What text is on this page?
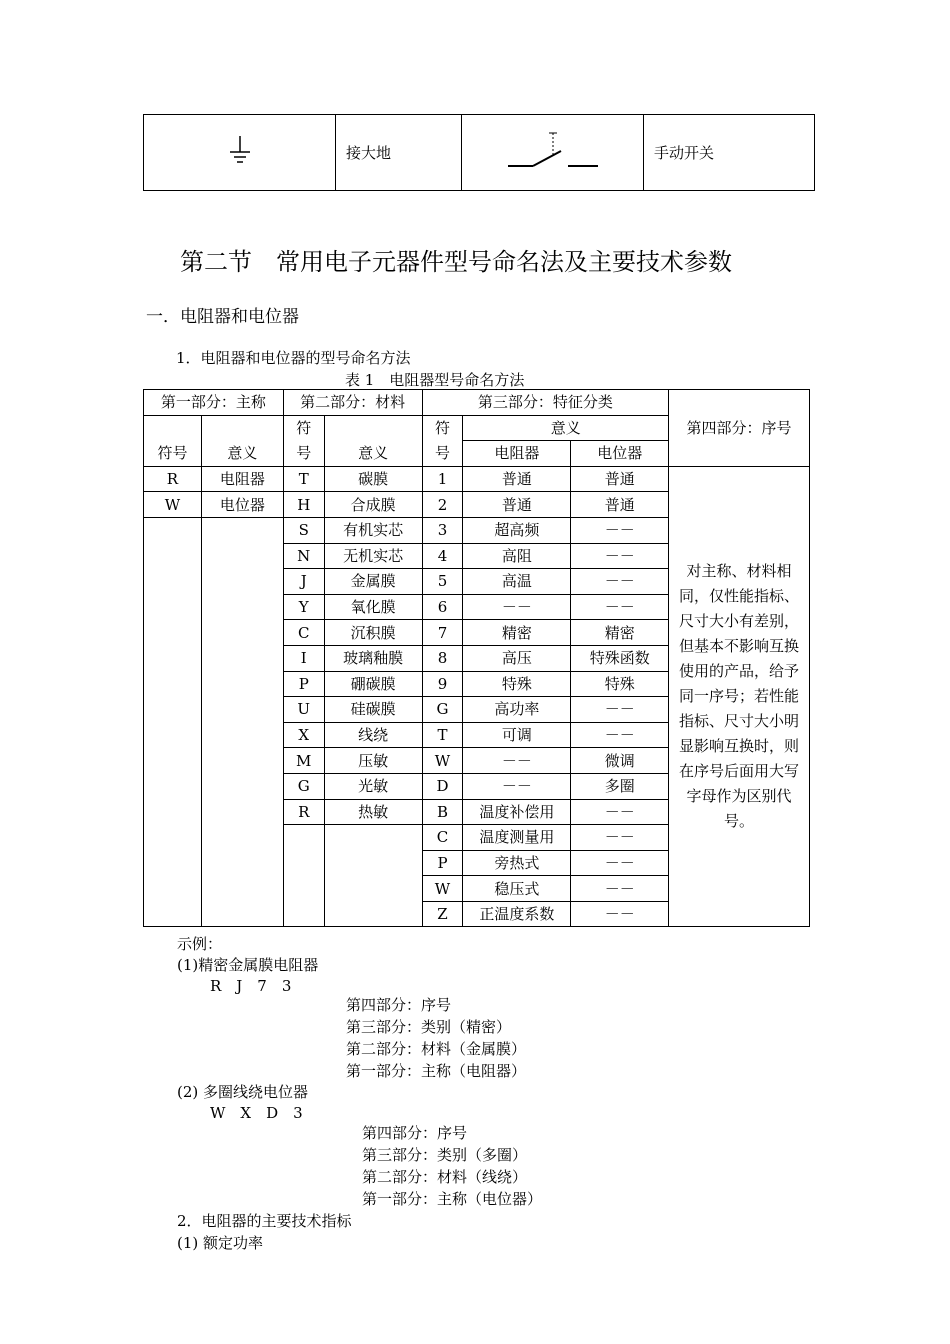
	接大地		手动开关
第二节　常用电子元器件型号命名法及主要技术参数
一．电阻器和电位器
1．电阻器和电位器的型号命名方法
表 1　电阻器型号命名方法
第一部分：主称		第二部分：材料		第三部分：特征分类			第四部分：序号
		符		符	意义		
符号	意义	号	意义	号	电阻器	电位器	
R	电阻器	T	碳膜	1	普通	普通	对主称、材料相同，仅性能指标、尺寸大小有差别，但基本不影响互换使用的产品，给予同一序号；若性能指标、尺寸大小明显影响互换时，则在序号后面用大写字母作为区别代号。
W	电位器	H	合成膜	2	普通	普通	
		S	有机实芯	3	超高频	－－	
		N	无机实芯	4	高阻	－－	
		J	金属膜	5	高温	－－	
		Y	氧化膜	6	－－	－－	
		C	沉积膜	7	精密	精密	
		I	玻璃釉膜	8	高压	特殊函数	
		P	硼碳膜	9	特殊	特殊	
		U	硅碳膜	G	高功率	－－	
		X	线绕	T	可调	－－	
		M	压敏	W	－－	微调	
		G	光敏	D	－－	多圈	
		R	热敏	B	温度补偿用	－－	
				C	温度测量用	－－	
				P	旁热式	－－	
				W	稳压式	－－	
				Z	正温度系数	－－	
示例：
(1)精密金属膜电阻器
R　J　7　3
第四部分：序号
第三部分：类别（精密）
第二部分：材料（金属膜）
第一部分：主称（电阻器）
(2) 多圈线绕电位器
W　X　D　3
第四部分：序号
第三部分：类别（多圈）
第二部分：材料（线绕）
第一部分：主称（电位器）
2．电阻器的主要技术指标
(1) 额定功率
